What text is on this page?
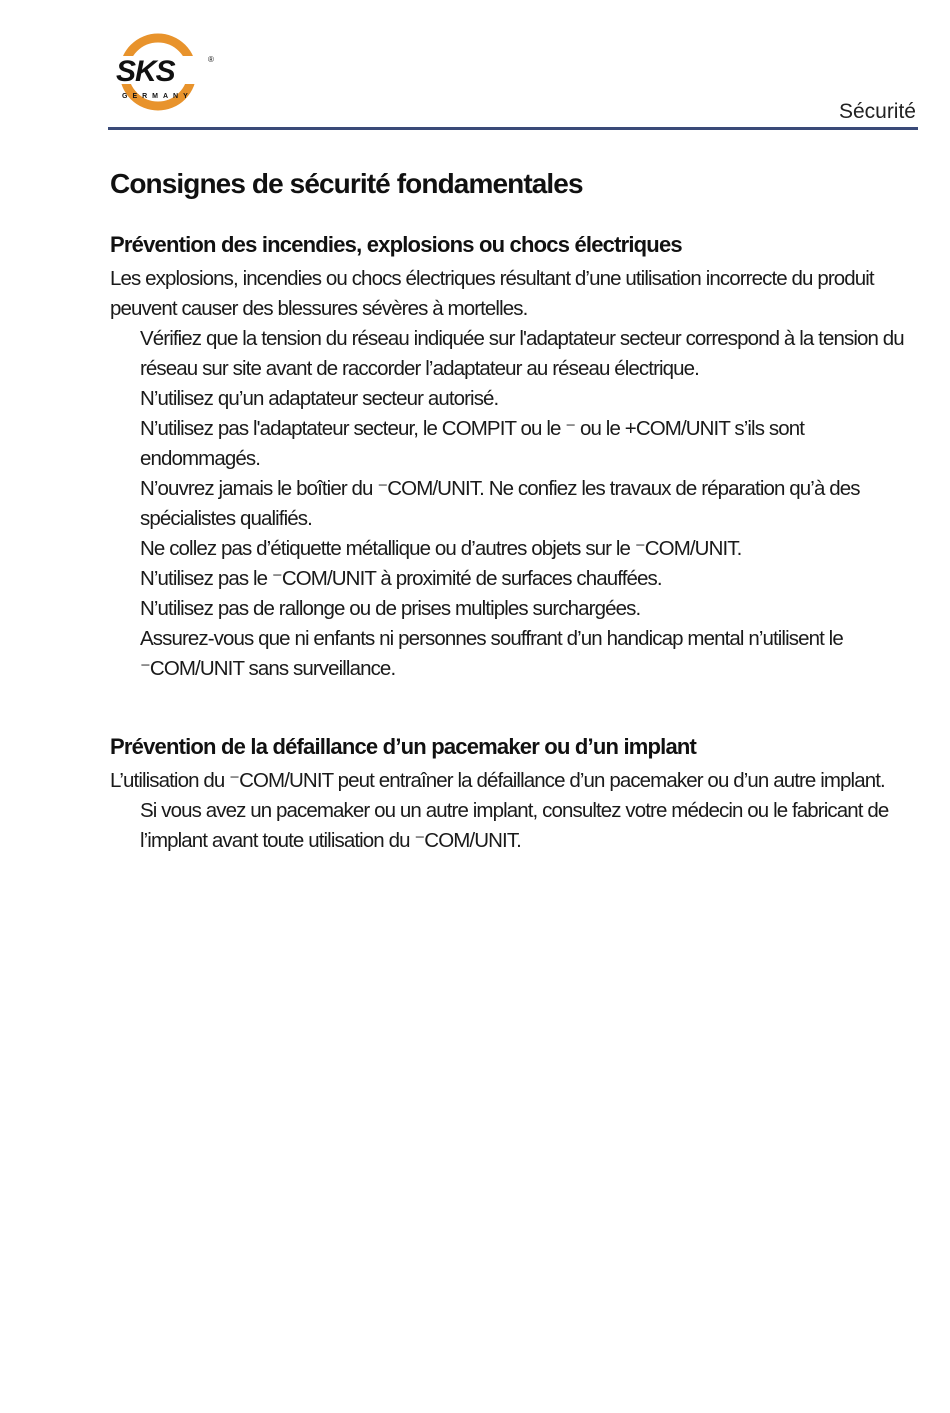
SKS	®
GERMANY
Sécurité
Consignes de sécurité fondamentales
Prévention des incendies, explosions ou chocs électriques

Les explosions, incendies ou chocs électriques résultant d’une utilisation incorrecte du produit peuvent causer des blessures sévères à mortelles.

Vérifiez que la tension du réseau indiquée sur l'adaptateur secteur correspond à la tension du réseau sur site avant de raccorder l’adaptateur au réseau électrique.
N’utilisez qu’un adaptateur secteur autorisé.
N’utilisez pas l'adaptateur secteur, le COMPIT ou le ⁻ ou le +COM/UNIT s’ils sont endommagés.
N’ouvrez jamais le boîtier du ⁻COM/UNIT. Ne confiez les travaux de réparation qu’à des spécialistes qualifiés.
Ne collez pas d’étiquette métallique ou d’autres objets sur le ⁻COM/UNIT.
N’utilisez pas le ⁻COM/UNIT à proximité de surfaces chauffées.
N’utilisez pas de rallonge ou de prises multiples surchargées.
Assurez-vous que ni enfants ni personnes souffrant d’un handicap mental n’utilisent le ⁻COM/UNIT sans surveillance.
Prévention de la défaillance d’un pacemaker ou d’un implant

L’utilisation du ⁻COM/UNIT peut entraîner la défaillance d’un pacemaker ou d’un autre implant.

Si vous avez un pacemaker ou un autre implant, consultez votre médecin ou le fabricant de l’implant avant toute utilisation du ⁻COM/UNIT.
